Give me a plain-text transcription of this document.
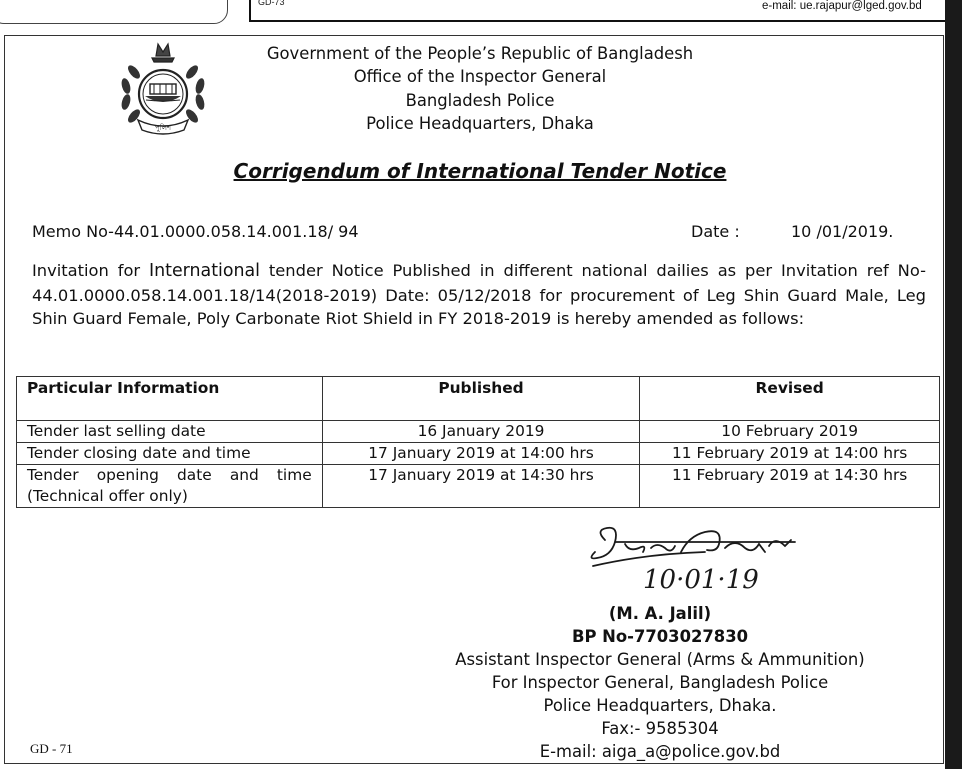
GD-73	e-mail: ue.rajapur@lged.gov.bd
পুলিশ
Government of the People’s Republic of Bangladesh
Office of the Inspector General
Bangladesh Police
Police Headquarters, Dhaka
Corrigendum of International Tender Notice
Memo No-44.01.0000.058.14.001.18/ 94	Date :	10 /01/2019.
Invitation for International tender Notice Published in different national dailies as per Invitation ref No-44.01.0000.058.14.001.18/14(2018-2019) Date: 05/12/2018 for procurement of Leg Shin Guard Male, Leg Shin Guard Female, Poly Carbonate Riot Shield in FY 2018-2019 is hereby amended as follows:
Particular Information	Published	Revised
Tender last selling date	16 January 2019	10 February 2019
Tender closing date and time	17 January 2019 at 14:00 hrs	11 February 2019 at 14:00 hrs

Tender opening date and time
(Technical offer only)	17 January 2019 at 14:30 hrs	11 February 2019 at 14:30 hrs
10·01·19
(M. A. Jalil)
BP No-7703027830
Assistant Inspector General (Arms & Ammunition)
For Inspector General, Bangladesh Police
Police Headquarters, Dhaka.
Fax:- 9585304
E-mail: aiga_a@police.gov.bd
GD - 71
